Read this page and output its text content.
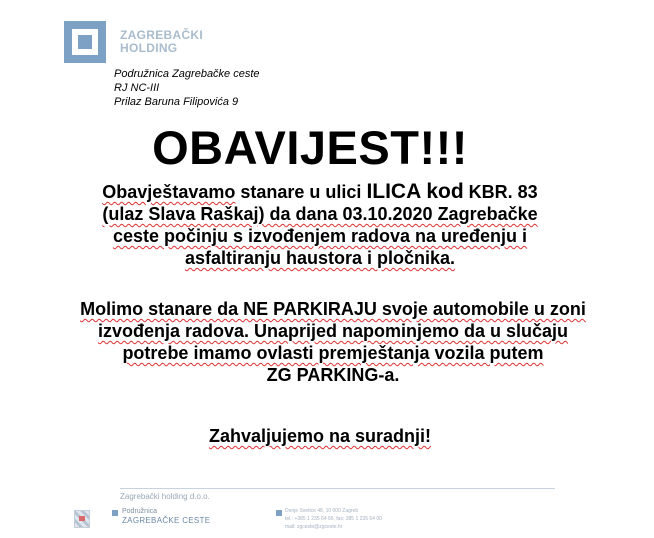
ZAGREBAČKI
HOLDING
Podružnica Zagrebačke ceste
RJ NC-III
Prilaz Baruna Filipovića 9
OBAVIJEST!!!
Obavještavamo stanare u ulici ILICA kod KBR. 83
(ulaz Slava Raškaj) da dana 03.10.2020 Zagrebačke
ceste počinju s izvođenjem radova na uređenju i
asfaltiranju haustora i pločnika.
Molimo stanare da NE PARKIRAJU svoje automobile u zoni
izvođenja radova. Unaprijed napominjemo da u slučaju
potrebe imamo ovlasti premještanja vozila putem
ZG PARKING-a.
Zahvaljujemo na suradnji!
Zagrebački holding d.o.o.
Podružnica
ZAGREBAČKE CESTE
Donje Svetice 48, 10 000 Zagreb
tel.: +385 1 235 64 66, fax: 385 1 235 64 00
mail: zgceste@zgceste.hr
